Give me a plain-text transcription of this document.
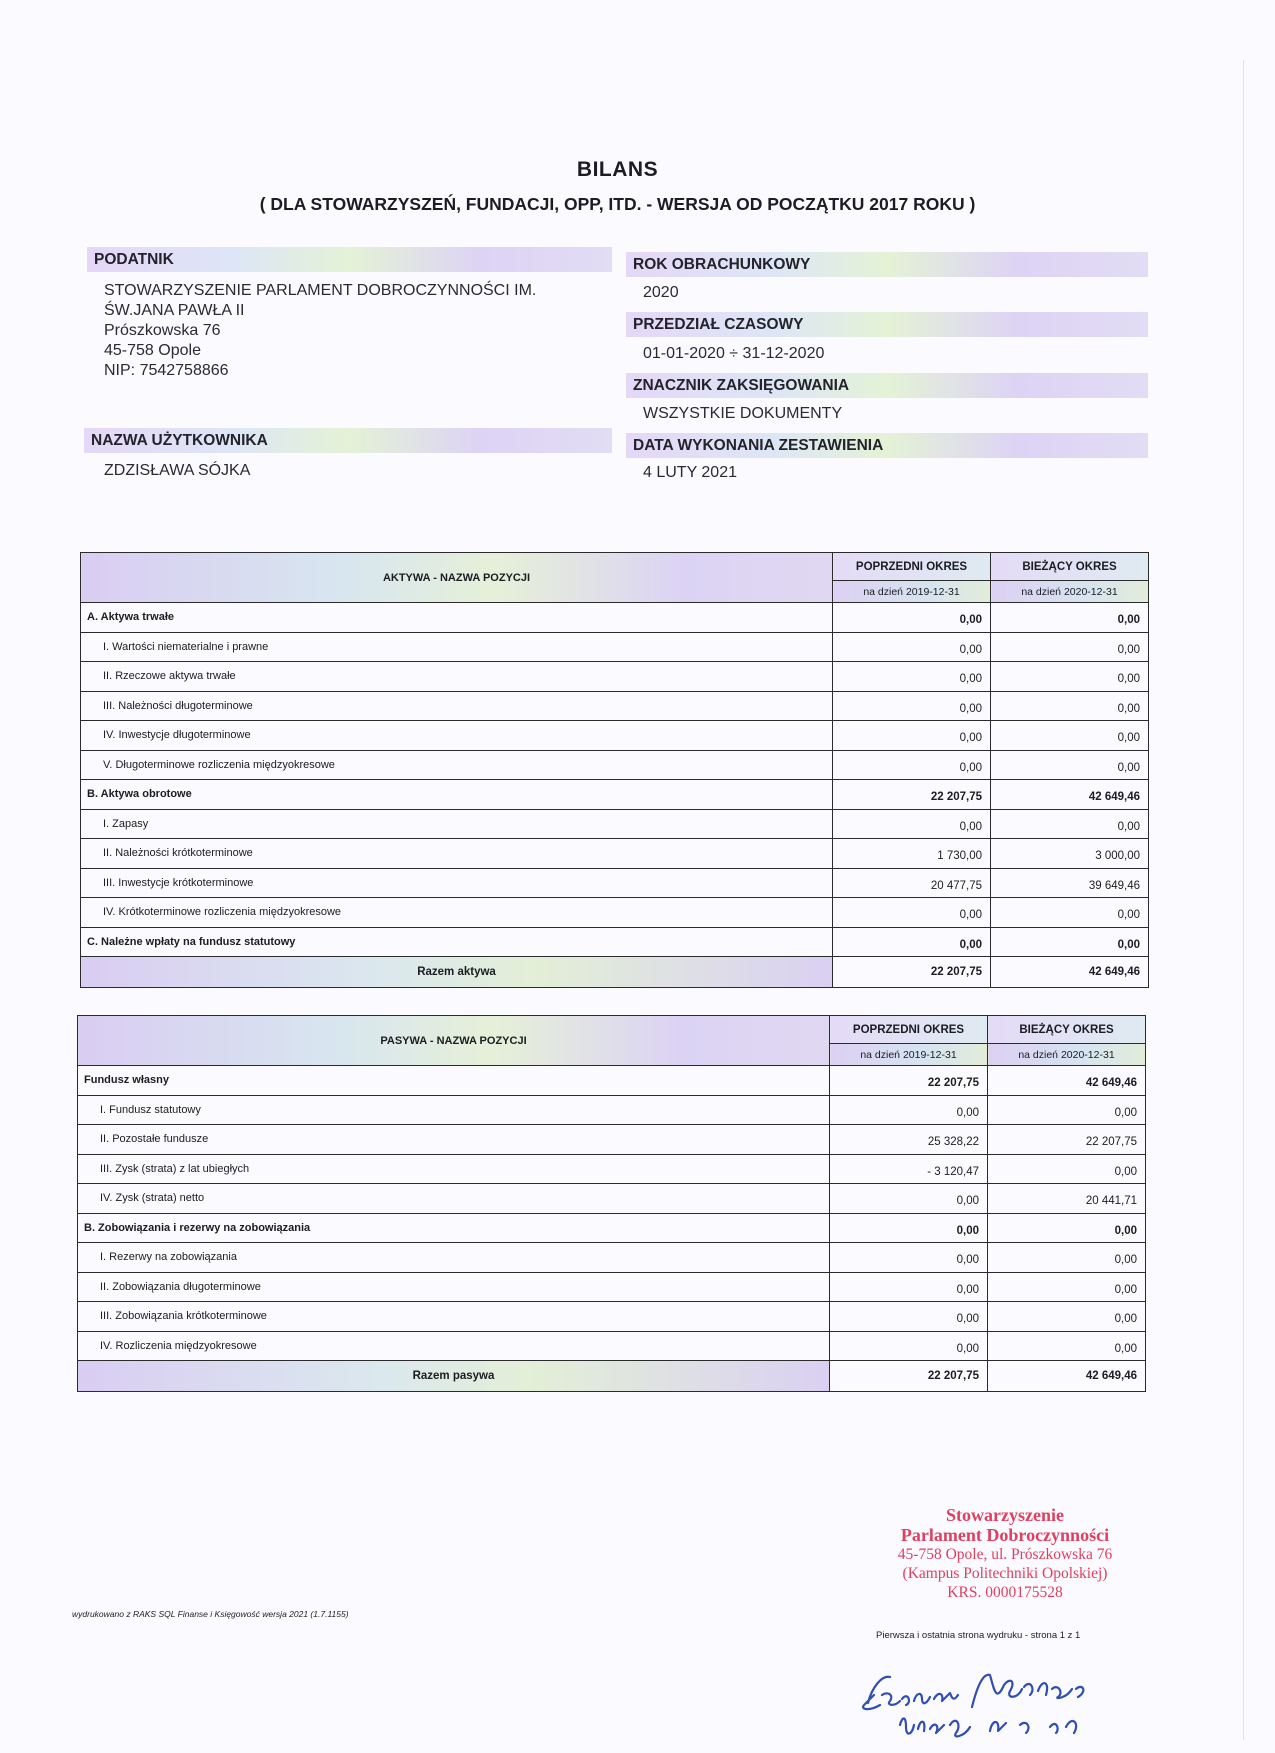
BILANS
( DLA STOWARZYSZEŃ, FUNDACJI, OPP, ITD. - WERSJA OD POCZĄTKU 2017 ROKU )
PODATNIK
STOWARZYSZENIE PARLAMENT DOBROCZYNNOŚCI IM.
ŚW.JANA PAWŁA II
Prószkowska 76
45-758 Opole
NIP: 7542758866
NAZWA UŻYTKOWNIKA
ZDZISŁAWA SÓJKA
ROK OBRACHUNKOWY
2020
PRZEDZIAŁ CZASOWY
01-01-2020 ÷ 31-12-2020
ZNACZNIK ZAKSIĘGOWANIA
WSZYSTKIE DOKUMENTY
DATA WYKONANIA ZESTAWIENIA
4 LUTY 2021
AKTYWA - NAZWA POZYCJI	POPRZEDNI OKRES	BIEŻĄCY OKRES
	na dzień 2019-12-31	na dzień 2020-12-31
A. Aktywa trwałe	0,00	0,00
I. Wartości niematerialne i prawne	0,00	0,00
II. Rzeczowe aktywa trwałe	0,00	0,00
III. Należności długoterminowe	0,00	0,00
IV. Inwestycje długoterminowe	0,00	0,00
V. Długoterminowe rozliczenia międzyokresowe	0,00	0,00
B. Aktywa obrotowe	22 207,75	42 649,46
I. Zapasy	0,00	0,00
II. Należności krótkoterminowe	1 730,00	3 000,00
III. Inwestycje krótkoterminowe	20 477,75	39 649,46
IV. Krótkoterminowe rozliczenia międzyokresowe	0,00	0,00
C. Należne wpłaty na fundusz statutowy	0,00	0,00
Razem aktywa	22 207,75	42 649,46
PASYWA - NAZWA POZYCJI	POPRZEDNI OKRES	BIEŻĄCY OKRES
	na dzień 2019-12-31	na dzień 2020-12-31
Fundusz własny	22 207,75	42 649,46
I. Fundusz statutowy	0,00	0,00
II. Pozostałe fundusze	25 328,22	22 207,75
III. Zysk (strata) z lat ubiegłych	- 3 120,47	0,00
IV. Zysk (strata) netto	0,00	20 441,71
B. Zobowiązania i rezerwy na zobowiązania	0,00	0,00
I. Rezerwy na zobowiązania	0,00	0,00
II. Zobowiązania długoterminowe	0,00	0,00
III. Zobowiązania krótkoterminowe	0,00	0,00
IV. Rozliczenia międzyokresowe	0,00	0,00
Razem pasywa	22 207,75	42 649,46
Stowarzyszenie
Parlament Dobroczynności
45-758 Opole, ul. Prószkowska 76
(Kampus Politechniki Opolskiej)
KRS. 0000175528
wydrukowano z RAKS SQL Finanse i Księgowość wersja 2021 (1.7.1155)
Pierwsza i ostatnia strona wydruku - strona 1 z 1
